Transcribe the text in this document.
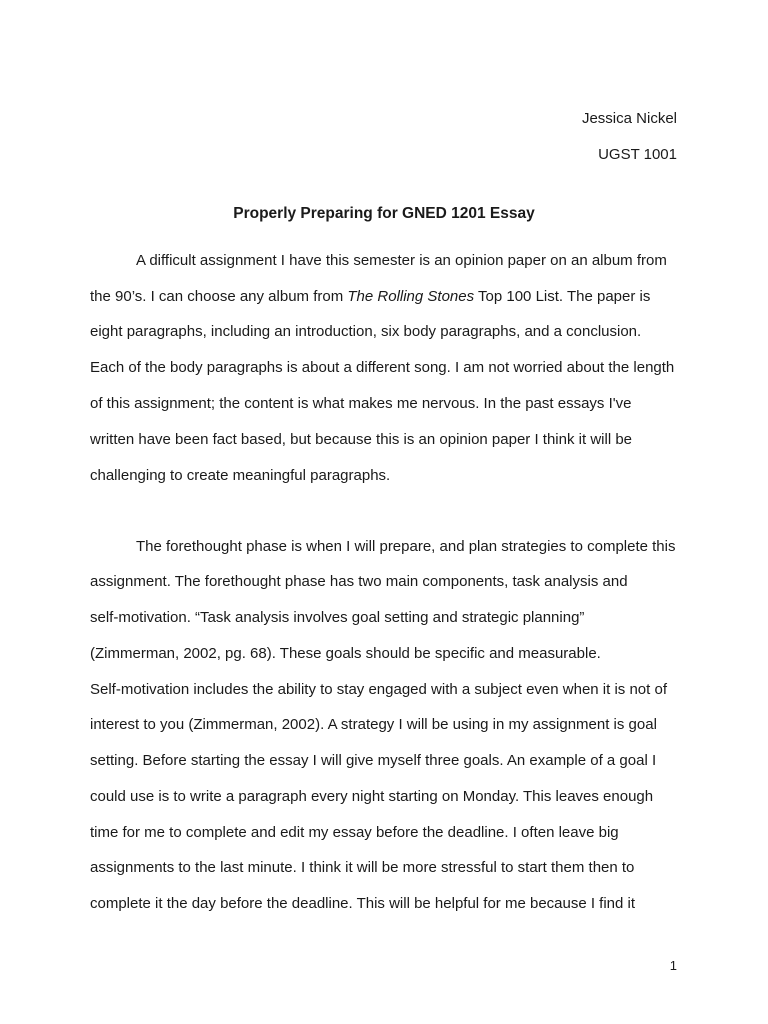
Jessica Nickel
UGST 1001
Properly Preparing for GNED 1201 Essay
A difficult assignment I have this semester is an opinion paper on an album from
the 90’s. I can choose any album from The Rolling Stones Top 100 List. The paper is
eight paragraphs, including an introduction, six body paragraphs, and a conclusion.
Each of the body paragraphs is about a different song. I am not worried about the length
of this assignment; the content is what makes me nervous. In the past essays I've
written have been fact based, but because this is an opinion paper I think it will be
challenging to create meaningful paragraphs.
The forethought phase is when I will prepare, and plan strategies to complete this
assignment. The forethought phase has two main components, task analysis and
self-motivation. “Task analysis involves goal setting and strategic planning”
(Zimmerman, 2002, pg. 68). These goals should be specific and measurable.
Self-motivation includes the ability to stay engaged with a subject even when it is not of
interest to you (Zimmerman, 2002). A strategy I will be using in my assignment is goal
setting. Before starting the essay I will give myself three goals. An example of a goal I
could use is to write a paragraph every night starting on Monday. This leaves enough
time for me to complete and edit my essay before the deadline. I often leave big
assignments to the last minute. I think it will be more stressful to start them then to
complete it the day before the deadline. This will be helpful for me because I find it
1
